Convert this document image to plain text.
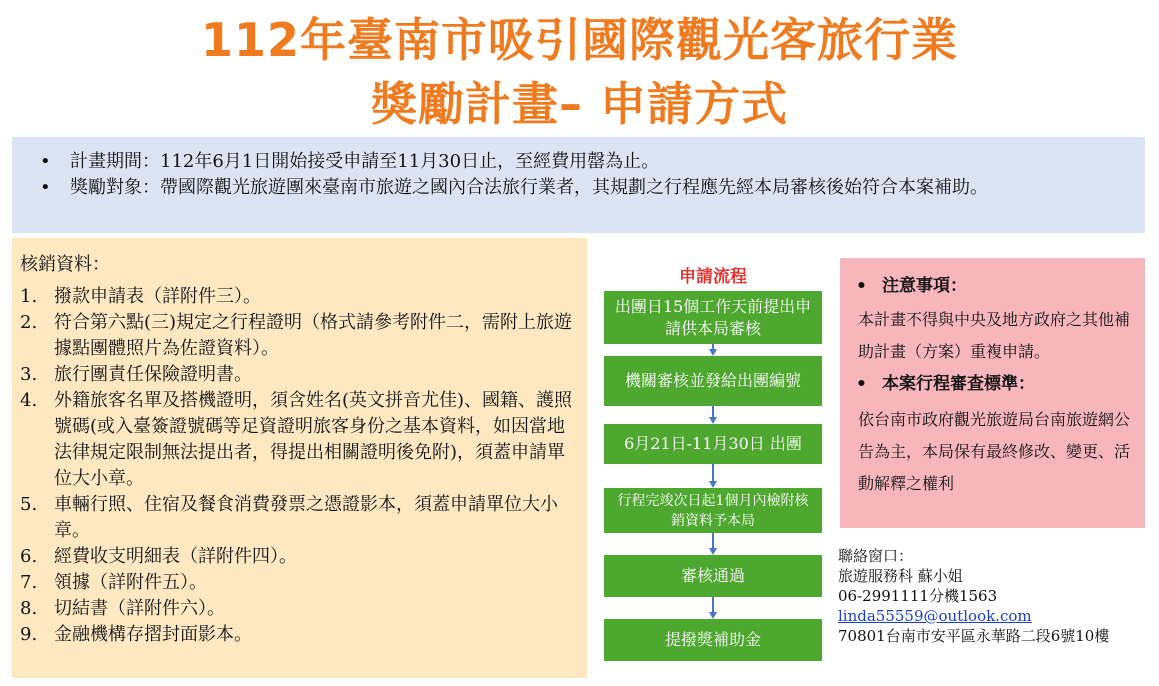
112年臺南市吸引國際觀光客旅行業
獎勵計畫– 申請方式
• 計畫期間：112年6月1日開始接受申請至11月30日止，至經費用罄為止。
• 獎勵對象：帶國際觀光旅遊團來臺南市旅遊之國內合法旅行業者，其規劃之行程應先經本局審核後始符合本案補助。
核銷資料：
1. 撥款申請表（詳附件三）。
2. 符合第六點(三)規定之行程證明（格式請參考附件二，需附上旅遊據點團體照片為佐證資料）。
3. 旅行團責任保險證明書。
4. 外籍旅客名單及搭機證明，須含姓名(英文拼音尤佳)、國籍、護照號碼(或入臺簽證號碼等足資證明旅客身份之基本資料，如因當地法律規定限制無法提出者，得提出相關證明後免附)，須蓋申請單位大小章。
5. 車輛行照、住宿及餐食消費發票之憑證影本，須蓋申請單位大小章。
6. 經費收支明細表（詳附件四）。
7. 領據（詳附件五）。
8. 切結書（詳附件六）。
9. 金融機構存摺封面影本。
申請流程
出團日15個工作天前提出申請供本局審核
機關審核並發給出團編號
6月21日-11月30日 出團
行程完竣次日起1個月內檢附核銷資料予本局
審核通過
提撥獎補助金
• 注意事項：
本計畫不得與中央及地方政府之其他補助計畫（方案）重複申請。
• 本案行程審查標準：
依台南市政府觀光旅遊局台南旅遊網公告為主，本局保有最終修改、變更、活動解釋之權利
聯絡窗口：
旅遊服務科 蘇小姐
06-2991111分機1563
linda55559@outlook.com
70801台南市安平區永華路二段6號10樓
